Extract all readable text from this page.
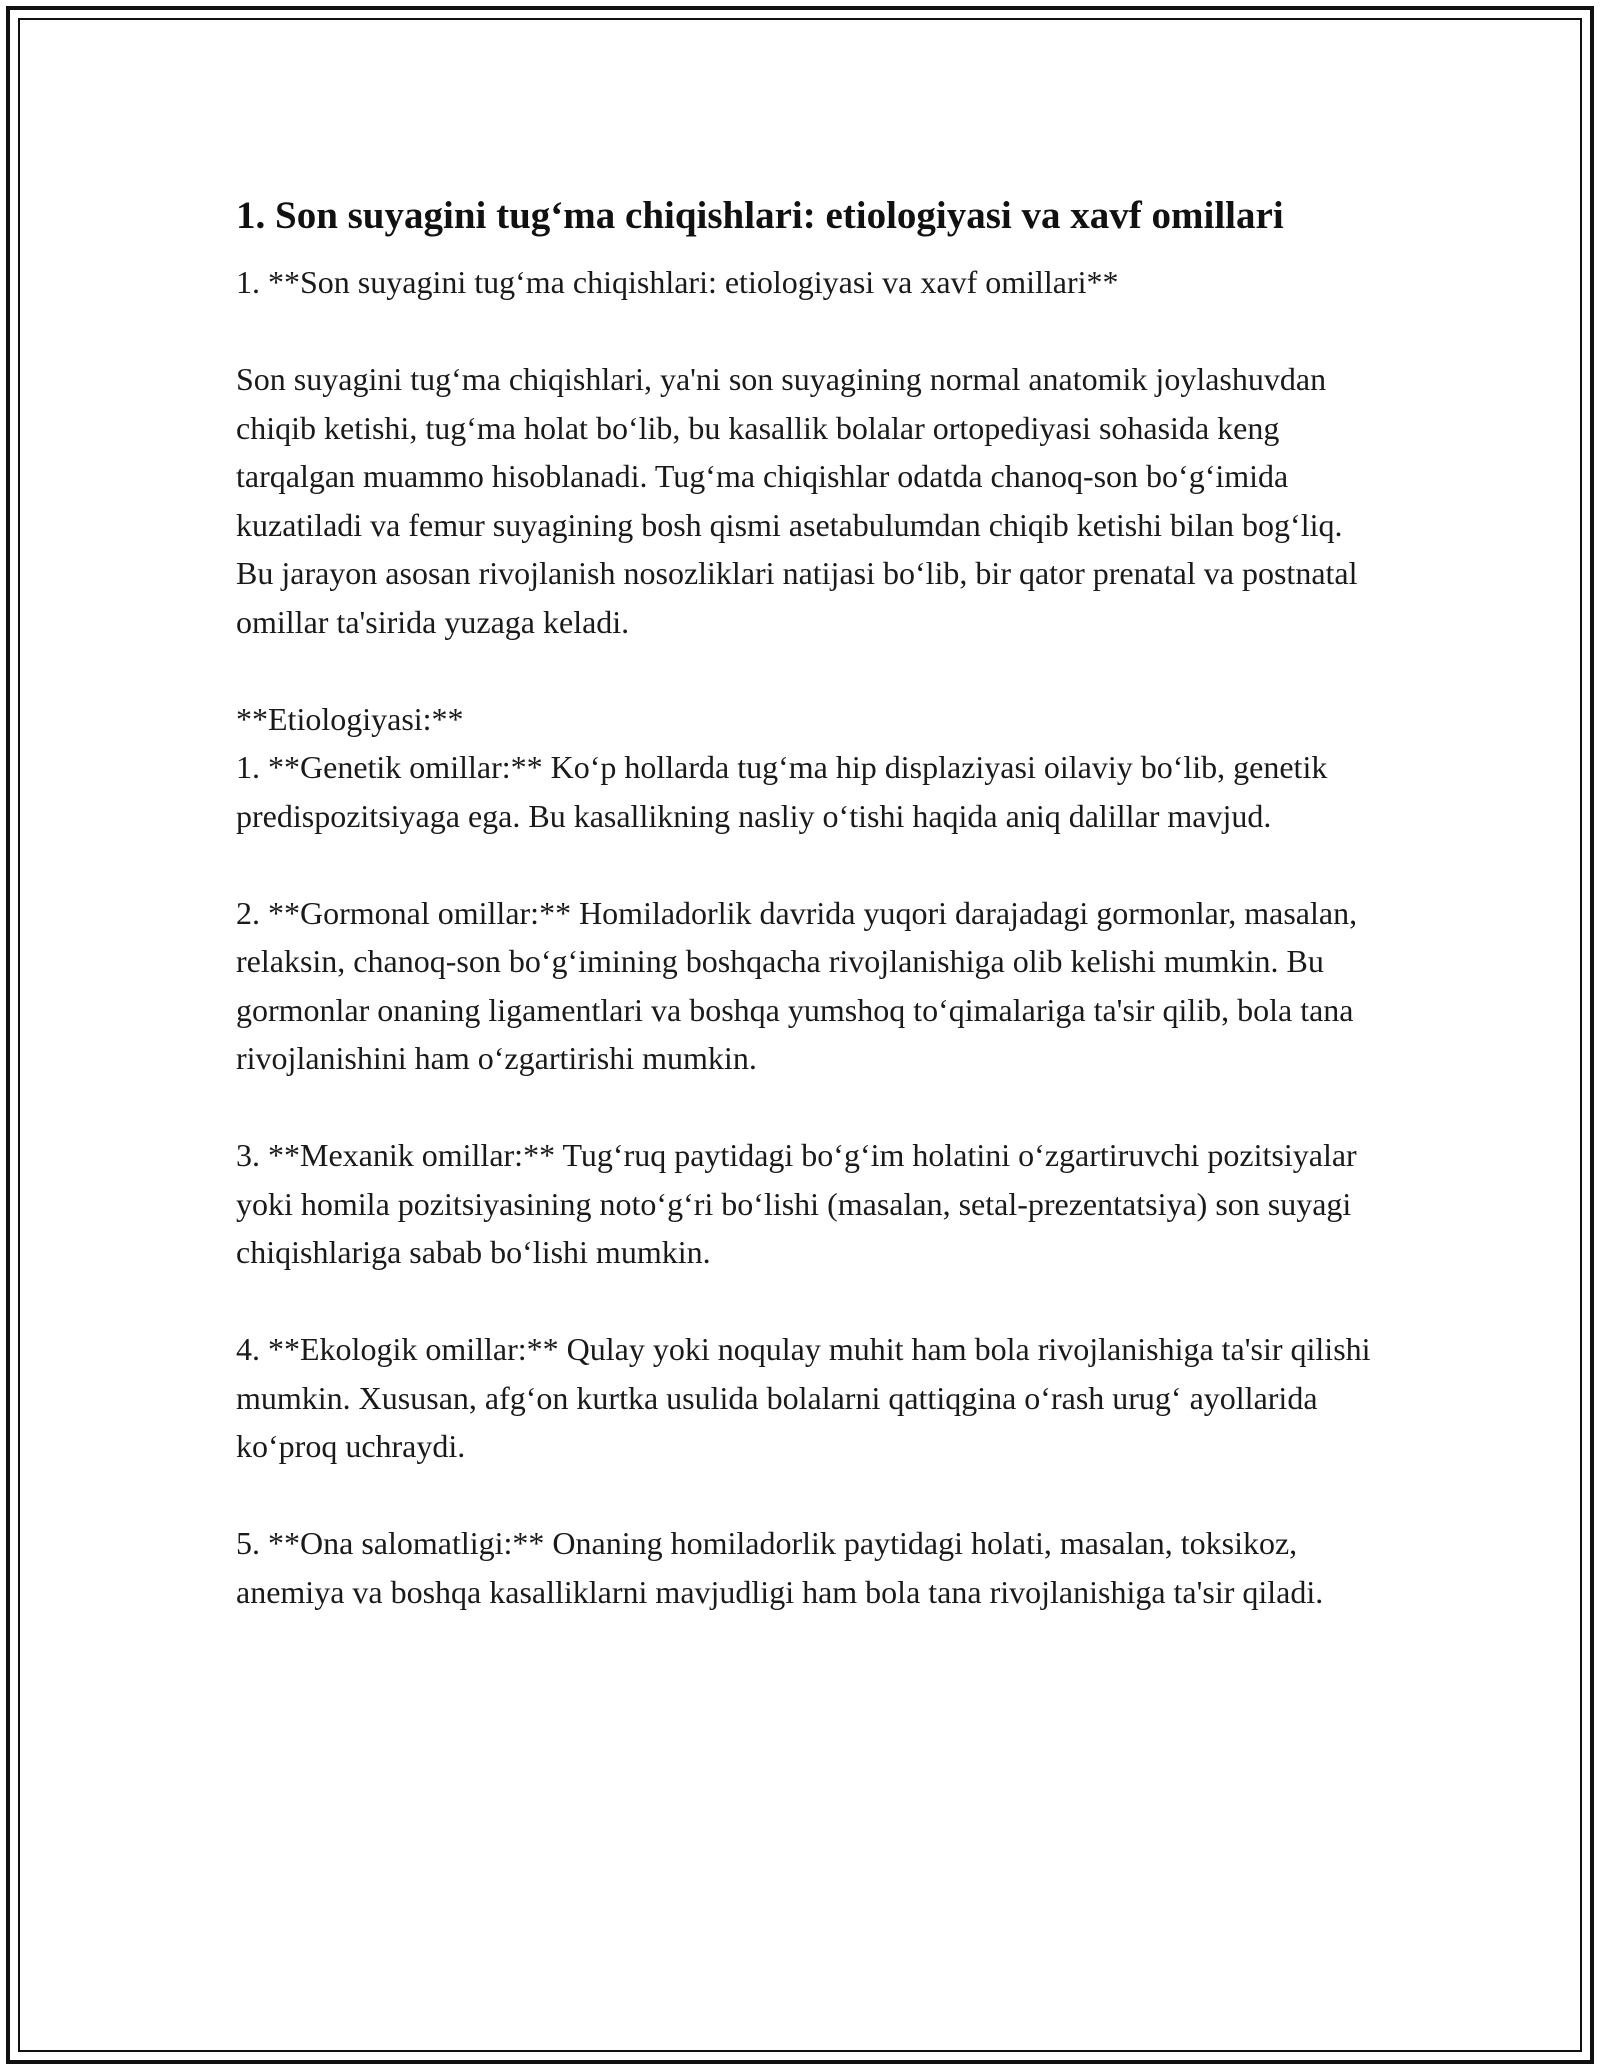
1. Son suyagini tug‘ma chiqishlari: etiologiyasi va xavf omillari

1. **Son suyagini tug‘ma chiqishlari: etiologiyasi va xavf omillari**

Son suyagini tug‘ma chiqishlari, ya'ni son suyagining normal anatomik joylashuvdan chiqib ketishi, tug‘ma holat bo‘lib, bu kasallik bolalar ortopediyasi sohasida keng tarqalgan muammo hisoblanadi. Tug‘ma chiqishlar odatda chanoq-son bo‘g‘imida kuzatiladi va femur suyagining bosh qismi asetabulumdan chiqib ketishi bilan bog‘liq. Bu jarayon asosan rivojlanish nosozliklari natijasi bo‘lib, bir qator prenatal va postnatal omillar ta'sirida yuzaga keladi.

**Etiologiyasi:**
1. **Genetik omillar:** Ko‘p hollarda tug‘ma hip displaziyasi oilaviy bo‘lib, genetik predispozitsiyaga ega. Bu kasallikning nasliy o‘tishi haqida aniq dalillar mavjud.

2. **Gormonal omillar:** Homiladorlik davrida yuqori darajadagi gormonlar, masalan, relaksin, chanoq-son bo‘g‘imining boshqacha rivojlanishiga olib kelishi mumkin. Bu gormonlar onaning ligamentlari va boshqa yumshoq to‘qimalariga ta'sir qilib, bola tana rivojlanishini ham o‘zgartirishi mumkin.

3. **Mexanik omillar:** Tug‘ruq paytidagi bo‘g‘im holatini o‘zgartiruvchi pozitsiyalar yoki homila pozitsiyasining noto‘g‘ri bo‘lishi (masalan, setal-prezentatsiya) son suyagi chiqishlariga sabab bo‘lishi mumkin.

4. **Ekologik omillar:** Qulay yoki noqulay muhit ham bola rivojlanishiga ta'sir qilishi mumkin. Xususan, afg‘on kurtka usulida bolalarni qattiqgina o‘rash urug‘ ayollarida ko‘proq uchraydi.

5. **Ona salomatligi:** Onaning homiladorlik paytidagi holati, masalan, toksikoz, anemiya va boshqa kasalliklarni mavjudligi ham bola tana rivojlanishiga ta'sir qiladi.
